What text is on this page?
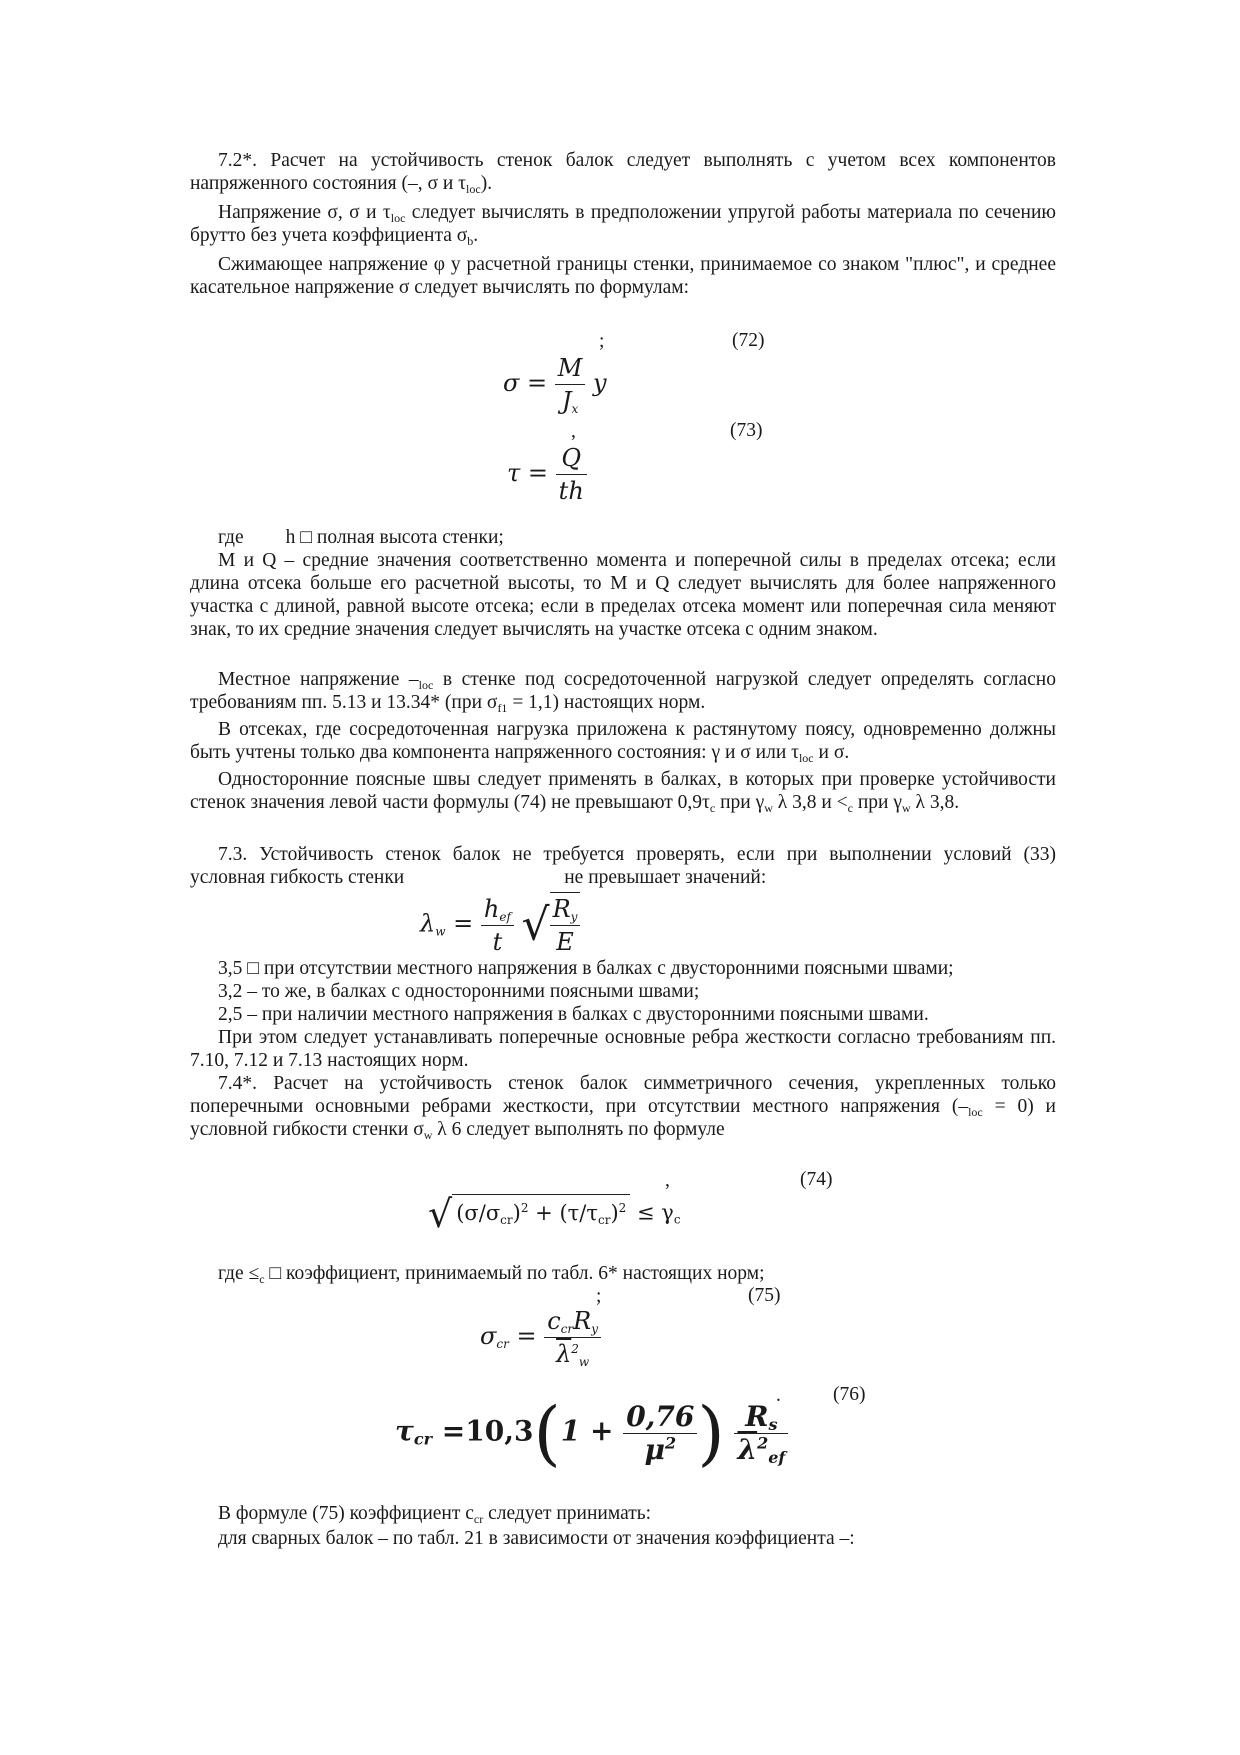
7.2*. Расчет на устойчивость стенок балок следует выполнять с учетом всех компонентов напряженного состояния (–, σ и $\tau_{loc}$).

Напряжение σ, σ и $\tau_{loc}$ следует вычислять в предположении упругой работы материала по сечению брутто без учета коэффициента $\sigma_b$.

Сжимающее напряжение φ у расчетной границы стенки, принимаемое со знаком "плюс", и среднее касательное напряжение σ следует вычислять по формулам:

$\sigma = \frac{M}{J_x}$ y
;	(72)
$\tau = \frac{Q}{th}$
,	(73)
где h □ полная высота стенки;

M и Q – средние значения соответственно момента и поперечной силы в пределах отсека; если длина отсека больше его расчетной высоты, то M и Q следует вычислять для более напряженного участка с длиной, равной высоте отсека; если в пределах отсека момент или поперечная сила меняют знак, то их средние значения следует вычислять на участке отсека с одним знаком.

Местное напряжение $-_{loc}$ в стенке под сосредоточенной нагрузкой следует определять согласно требованиям пп. 5.13 и 13.34* (при $\sigma_{f1} = 1,1$) настоящих норм.

В отсеках, где сосредоточенная нагрузка приложена к растянутому поясу, одновременно должны быть учтены только два компонента напряженного состояния: γ и σ или $\tau_{loc}$ и σ.

Односторонние поясные швы следует применять в балках, в которых при проверке устойчивости стенок значения левой части формулы (74) не превышают $0,9\tau_c$ при $\gamma_w$ λ 3,8 $и <_c$ при $\gamma_w$ λ 3,8.

7.3. Устойчивость стенок балок не требуется проверять, если при выполнении условий (33) условная гибкость стенки	не превышает значений:

$\lambda_w = \frac{h_{ef}}{t}$ √ $\frac{R_y}{E}$
3,5 □ при отсутствии местного напряжения в балках с двусторонними поясными швами;
3,2 – то же, в балках с односторонними поясными швами;
2,5 – при наличии местного напряжения в балках с двусторонними поясными швами.

При этом следует устанавливать поперечные основные ребра жесткости согласно требованиям пп. 7.10, 7.12 и 7.13 настоящих норм.

7.4*. Расчет на устойчивость стенок балок симметричного сечения, укрепленных только поперечными основными ребрами жесткости, при отсутствии местного напряжения $(-_{loc} = 0)$ и условной гибкости стенки $\sigma_w$ λ 6 следует выполнять по формуле

√ $(\sigma/\sigma_{cr})^2 + (\tau/\tau_{cr})^2 \le \gamma_c$
,	(74)
где $\le_c$ □ коэффициент, принимаемый по табл. 6* настоящих норм;
$\sigma_{cr} = \frac{c_{cr}R_y}{\overline{\lambda}^2_w}$
;	(75)
$\tau_{cr} =10,3(1 + \frac{0,76}{\mu^2}$ ) $\frac{R_s}{\overline{\lambda}^2_{ef}}$
.	(76)
В формуле (75) коэффициент $c_{cr}$ следует принимать:
для сварных балок – по табл. 21 в зависимости от значения коэффициента –:
